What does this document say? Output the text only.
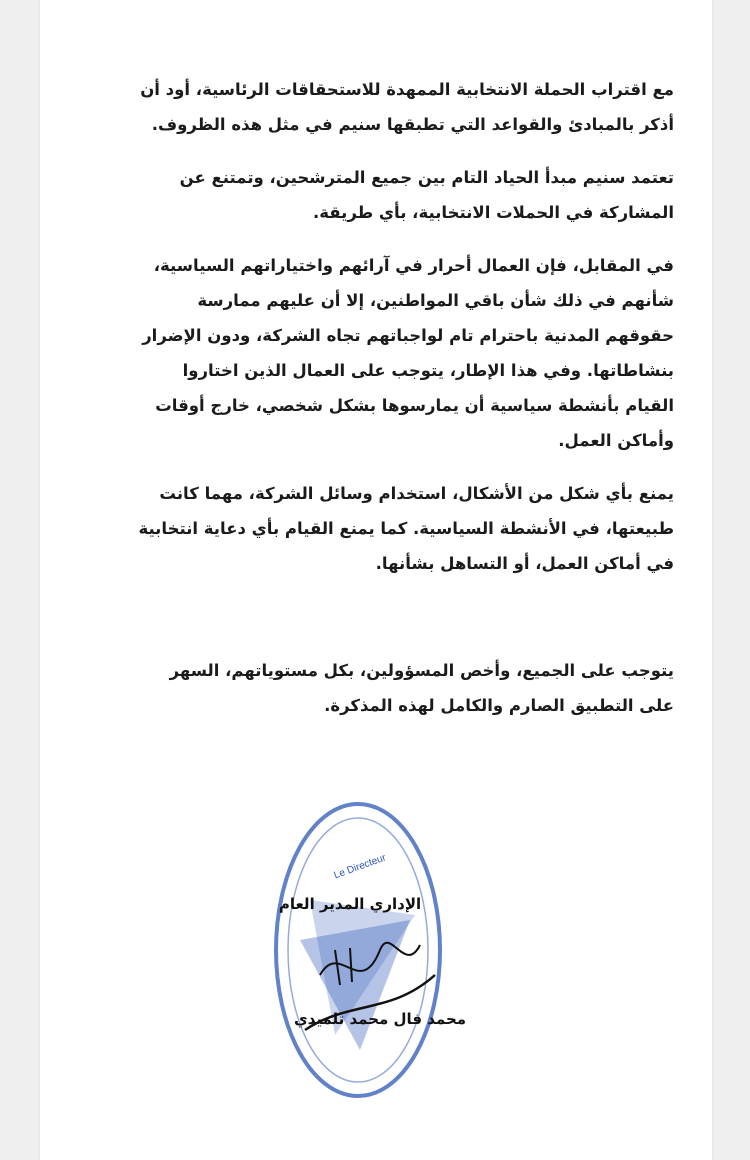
مع اقتراب الحملة الانتخابية الممهدة للاستحقاقات الرئاسية، أود أن أذكر بالمبادئ والقواعد التي تطبقها سنيم في مثل هذه الظروف.

تعتمد سنيم مبدأ الحياد التام بين جميع المترشحين، وتمتنع عن المشاركة في الحملات الانتخابية، بأي طريقة.

في المقابل، فإن العمال أحرار في آرائهم واختياراتهم السياسية، شأنهم في ذلك شأن باقي المواطنين، إلا أن عليهم ممارسة حقوقهم المدنية باحترام تام لواجباتهم تجاه الشركة، ودون الإضرار بنشاطاتها. وفي هذا الإطار، يتوجب على العمال الذين اختاروا القيام بأنشطة سياسية أن يمارسوها بشكل شخصي، خارج أوقات وأماكن العمل.

يمنع بأي شكل من الأشكال، استخدام وسائل الشركة، مهما كانت طبيعتها، في الأنشطة السياسية. كما يمنع القيام بأي دعاية انتخابية في أماكن العمل، أو التساهل بشأنها.

يتوجب على الجميع، وأخص المسؤولين، بكل مستوياتهم، السهر على التطبيق الصارم والكامل لهذه المذكرة.

Le Directeur
الإداري المدير العام
محمد فال محمد تلميدي
